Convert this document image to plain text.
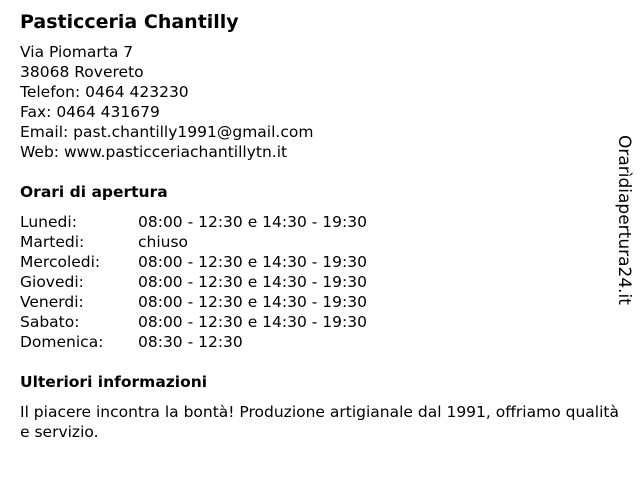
Pasticceria Chantilly
Via Piomarta 7
38068 Rovereto
Telefon: 0464 423230
Fax: 0464 431679
Email: past.chantilly1991@gmail.com
Web: www.pasticceriachantillytn.it
Orari di apertura
Lunedi:	08:00 - 12:30 e 14:30 - 19:30
Martedi:	chiuso
Mercoledi:	08:00 - 12:30 e 14:30 - 19:30
Giovedi:	08:00 - 12:30 e 14:30 - 19:30
Venerdi:	08:00 - 12:30 e 14:30 - 19:30
Sabato:	08:00 - 12:30 e 14:30 - 19:30
Domenica:	08:30 - 12:30
Ulteriori informazioni
Il piacere incontra la bontà! Produzione artigianale dal 1991, offriamo qualità e servizio.
Orarìdiapertura24.it
